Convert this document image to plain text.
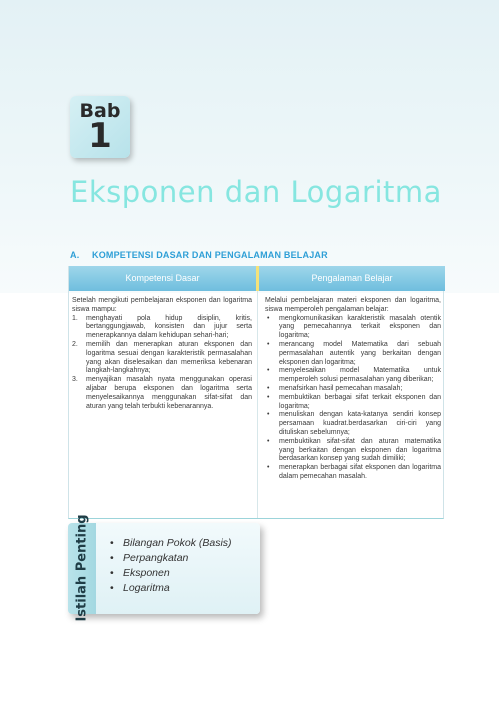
Bab
1
Eksponen dan Logaritma
A. KOMPETENSI DASAR DAN PENGALAMAN BELAJAR
Kompetensi Dasar	Pengalaman Belajar

Setelah mengikuti pembelajaran eksponen dan logaritma siswa mampu:

1. menghayati pola hidup disiplin, kritis, bertanggungjawab, konsisten dan jujur serta menerapkannya dalam kehidupan sehari-hari;
2. memilih dan menerapkan aturan eksponen dan logaritma sesuai dengan karakteristik permasalahan yang akan diselesaikan dan memeriksa kebenaran langkah-langkahnya;
3. menyajikan masalah nyata menggunakan operasi aljabar berupa eksponen dan logaritma serta menyelesaikannya menggunakan sifat-sifat dan aturan yang telah terbukti kebenarannya.

Melalui pembelajaran materi eksponen dan logaritma, siswa memperoleh pengalaman belajar:

• mengkomunikasikan karakteristik masalah otentik yang pemecahannya terkait eksponen dan logaritma;
• merancang model Matematika dari sebuah permasalahan autentik yang berkaitan dengan eksponen dan logaritma;
• menyelesaikan model Matematika untuk memperoleh solusi permasalahan yang diberikan;
• menafsirkan hasil pemecahan masalah;
• membuktikan berbagai sifat terkait eksponen dan logaritma;
• menuliskan dengan kata-katanya sendiri konsep persamaan kuadrat.berdasarkan ciri-ciri yang dituliskan sebelumnya;
• membuktikan sifat-sifat dan aturan matematika yang berkaitan dengan eksponen dan logaritma berdasarkan konsep yang sudah dimiliki;
• menerapkan berbagai sifat eksponen dan logaritma dalam pemecahan masalah.
Istilah Penting • Bilangan Pokok (Basis)
• Perpangkatan
• Eksponen
• Logaritma
